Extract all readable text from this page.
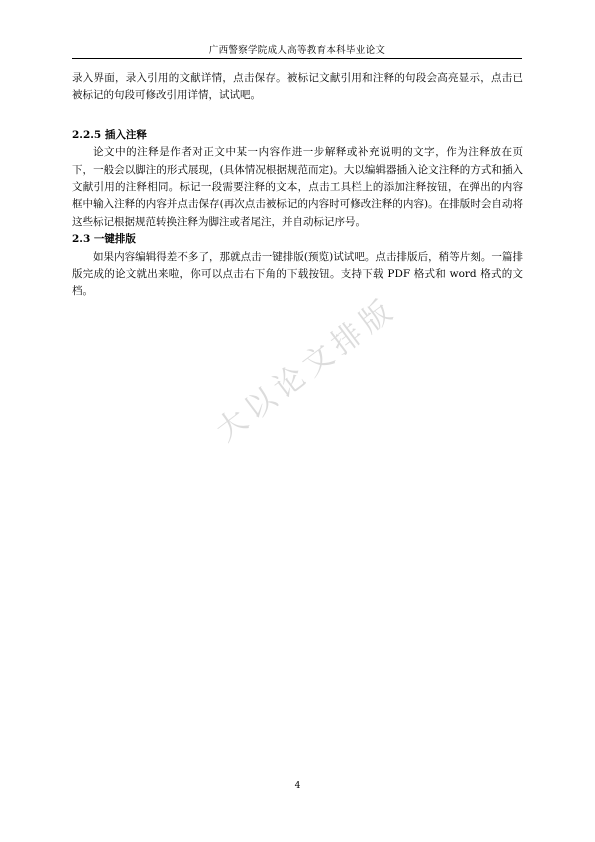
广西警察学院成人高等教育本科毕业论文

录入界面，录入引用的文献详情，点击保存。被标记文献引用和注释的句段会高亮显示，点击已被标记的句段可修改引用详情，试试吧。

2.2.5 插入注释

论文中的注释是作者对正文中某一内容作进一步解释或补充说明的文字，作为注释放在页下，一般会以脚注的形式展现，(具体情况根据规范而定)。大以编辑器插入论文注释的方式和插入文献引用的注释相同。标记一段需要注释的文本，点击工具栏上的添加注释按钮，在弹出的内容框中输入注释的内容并点击保存(再次点击被标记的内容时可修改注释的内容)。在排版时会自动将这些标记根据规范转换注释为脚注或者尾注，并自动标记序号。

2.3 一键排版

如果内容编辑得差不多了，那就点击一键排版(预览)试试吧。点击排版后，稍等片刻。一篇排版完成的论文就出来啦，你可以点击右下角的下载按钮。支持下载 PDF 格式和 word 格式的文档。	大以论文排版
4
